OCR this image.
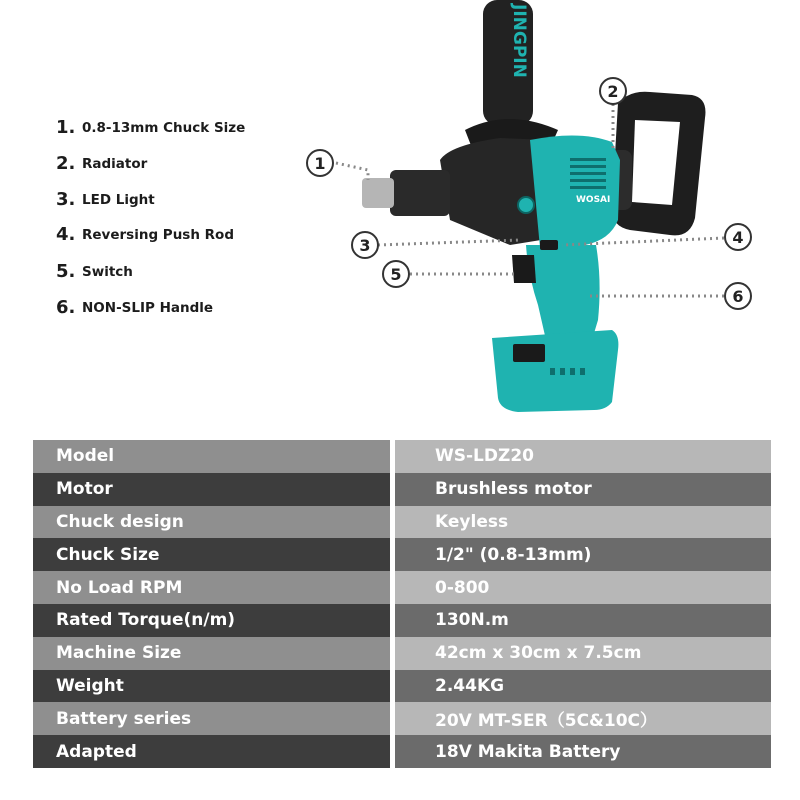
1. 0.8-13mm Chuck Size
2. Radiator
3. LED Light
4. Reversing Push Rod
5. Switch
6. NON-SLIP Handle
JINGPIN
WOSAI
1
2
3	4
5
6
Model	WS-LDZ20
Motor	Brushless motor
Chuck design	Keyless
Chuck Size	1/2" (0.8-13mm)
No Load RPM	0-800
Rated Torque(n/m)	130N.m
Machine Size	42cm x 30cm x 7.5cm
Weight	2.44KG
Battery series	20V MT-SER（5C&10C）
Adapted	18V Makita Battery
